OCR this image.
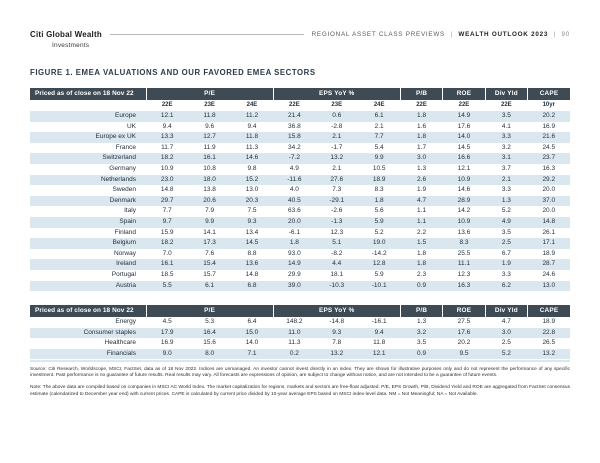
Citi Global Wealth
Investments
REGIONAL ASSET CLASS PREVIEWS | WEALTH OUTLOOK 2023 | 90
FIGURE 1. EMEA VALUATIONS AND OUR FAVORED EMEA SECTORS
Priced as of close on 18 Nov 22	P/E			EPS YoY %			P/B	ROE	Div Yld	CAPE
	22E	23E	24E	22E	23E	24E	22E	22E	22E	10yr
Europe	12.1	11.8	11.2	21.4	0.6	6.1	1.8	14.9	3.5	20.2
UK	9.4	9.6	9.4	36.8	-2.8	2.1	1.6	17.6	4.1	16.9
Europe ex UK	13.3	12.7	11.8	15.8	2.1	7.7	1.8	14.0	3.3	21.6
France	11.7	11.9	11.3	34.2	-1.7	5.4	1.7	14.5	3.2	24.5
Switzerland	18.2	16.1	14.6	-7.2	13.2	9.9	3.0	16.6	3.1	23.7
Germany	10.9	10.8	9.8	4.9	2.1	10.5	1.3	12.1	3.7	16.3
Netherlands	23.0	18.0	15.2	-11.6	27.6	18.9	2.6	10.9	2.1	29.2
Sweden	14.8	13.8	13.0	4.0	7.3	8.3	1.9	14.6	3.3	20.0
Denmark	29.7	20.6	20.3	40.5	-29.1	1.8	4.7	28.9	1.3	37.0
Italy	7.7	7.9	7.5	63.6	-2.6	5.6	1.1	14.2	5.2	20.0
Spain	9.7	9.9	9.3	20.0	-1.3	5.9	1.1	10.9	4.9	14.8
Finland	15.9	14.1	13.4	-6.1	12.3	5.2	2.2	13.6	3.5	26.1
Belgium	18.2	17.3	14.5	1.8	5.1	19.0	1.5	8.3	2.5	17.1
Norway	7.0	7.6	8.8	93.0	-8.2	-14.2	1.8	25.5	6.7	18.9
Ireland	16.1	15.4	13.6	14.9	4.4	12.8	1.8	11.1	1.9	28.7
Portugal	18.5	15.7	14.8	29.9	18.1	5.9	2.3	12.3	3.3	24.6
Austria	5.5	6.1	6.8	39.0	-10.3	-10.1	0.9	16.3	6.2	13.0
Priced as of close on 18 Nov 22	P/E			EPS YoY %			P/B	ROE	Div Yld	CAPE
Energy	4.5	5.3	6.4	148.2	-14.8	-16.1	1.3	27.5	4.7	18.9
Consumer staples	17.9	16.4	15.0	11.0	9.3	9.4	3.2	17.6	3.0	22.8
Healthcare	16.9	15.6	14.0	11.3	7.8	11.8	3.5	20.2	2.5	26.5
Financials	9.0	8.0	7.1	0.2	13.2	12.1	0.9	9.5	5.2	13.2

Source: Citi Research, Worldscope, MSCI, FactSet, data as of 18 Nov 2022. Indices are unmanaged. An investor cannot invest directly in an index. They are shown for illustrative purposes only and do not represent the performance of any specific investment. Past performance is no guarantee of future results. Real results may vary. All forecasts are expressions of opinion, are subject to change without notice, and are not intended to be a guarantee of future events.

Note: The above data are compiled based on companies in MSCI AC World Index. The market capitalization for regions, markets and sectors are free-float adjusted. P/E, EPS Growth, P/B, Dividend Yield and ROE are aggregated from FactSet consensus estimate (calendarized to December year end) with current prices. CAPE is calculated by current price divided by 10-year average EPS based on MSCI index-level data. NM = Not Meaningful; NA = Not Available.
